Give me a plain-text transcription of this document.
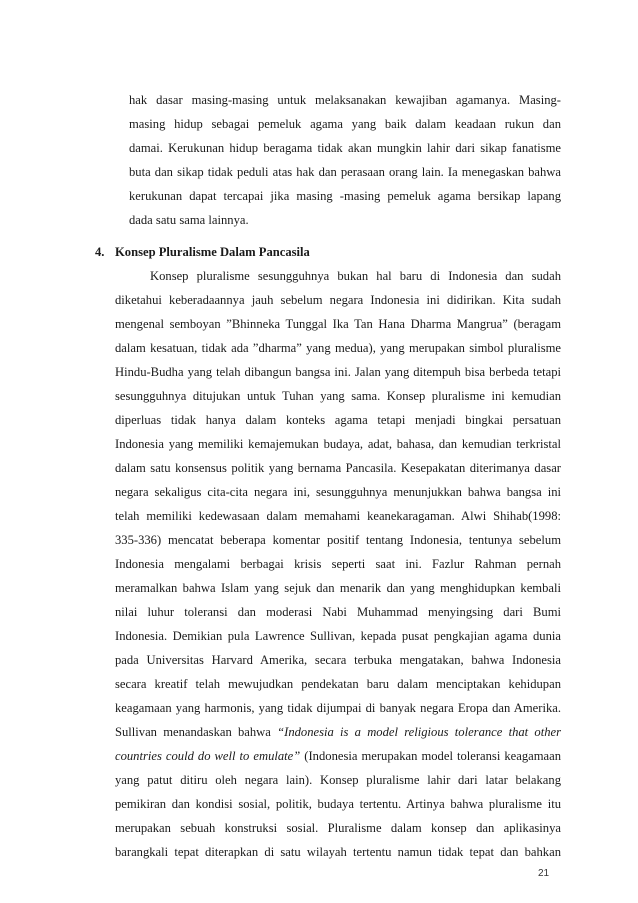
hak dasar masing-masing untuk melaksanakan kewajiban agamanya. Masing-
masing hidup sebagai pemeluk agama yang baik dalam keadaan rukun dan
damai. Kerukunan hidup beragama tidak akan mungkin lahir dari sikap fanatisme
buta dan sikap tidak peduli atas hak dan perasaan orang lain. Ia menegaskan bahwa
kerukunan dapat tercapai jika masing -masing pemeluk agama bersikap lapang
dada satu sama lainnya.
4. Konsep Pluralisme Dalam Pancasila
Konsep pluralisme sesungguhnya bukan hal baru di Indonesia dan sudah
diketahui keberadaannya jauh sebelum negara Indonesia ini didirikan. Kita sudah
mengenal semboyan ”Bhinneka Tunggal Ika Tan Hana Dharma Mangrua” (beragam
dalam kesatuan, tidak ada ”dharma” yang medua), yang merupakan simbol pluralisme
Hindu-Budha yang telah dibangun bangsa ini. Jalan yang ditempuh bisa berbeda tetapi
sesungguhnya ditujukan untuk Tuhan yang sama. Konsep pluralisme ini kemudian
diperluas tidak hanya dalam konteks agama tetapi menjadi bingkai persatuan
Indonesia yang memiliki kemajemukan budaya, adat, bahasa, dan kemudian terkristal
dalam satu konsensus politik yang bernama Pancasila. Kesepakatan diterimanya dasar
negara sekaligus cita-cita negara ini, sesungguhnya menunjukkan bahwa bangsa ini
telah memiliki kedewasaan dalam memahami keanekaragaman. Alwi Shihab(1998:
335-336) mencatat beberapa komentar positif tentang Indonesia, tentunya sebelum
Indonesia mengalami berbagai krisis seperti saat ini. Fazlur Rahman pernah
meramalkan bahwa Islam yang sejuk dan menarik dan yang menghidupkan kembali
nilai luhur toleransi dan moderasi Nabi Muhammad menyingsing dari Bumi
Indonesia. Demikian pula Lawrence Sullivan, kepada pusat pengkajian agama dunia
pada Universitas Harvard Amerika, secara terbuka mengatakan, bahwa Indonesia
secara kreatif telah mewujudkan pendekatan baru dalam menciptakan kehidupan
keagamaan yang harmonis, yang tidak dijumpai di banyak negara Eropa dan Amerika.
Sullivan menandaskan bahwa “Indonesia is a model religious tolerance that other
countries could do well to emulate” (Indonesia merupakan model toleransi keagamaan
yang patut ditiru oleh negara lain). Konsep pluralisme lahir dari latar belakang
pemikiran dan kondisi sosial, politik, budaya tertentu. Artinya bahwa pluralisme itu
merupakan sebuah konstruksi sosial. Pluralisme dalam konsep dan aplikasinya
barangkali tepat diterapkan di satu wilayah tertentu namun tidak tepat dan bahkan
21
